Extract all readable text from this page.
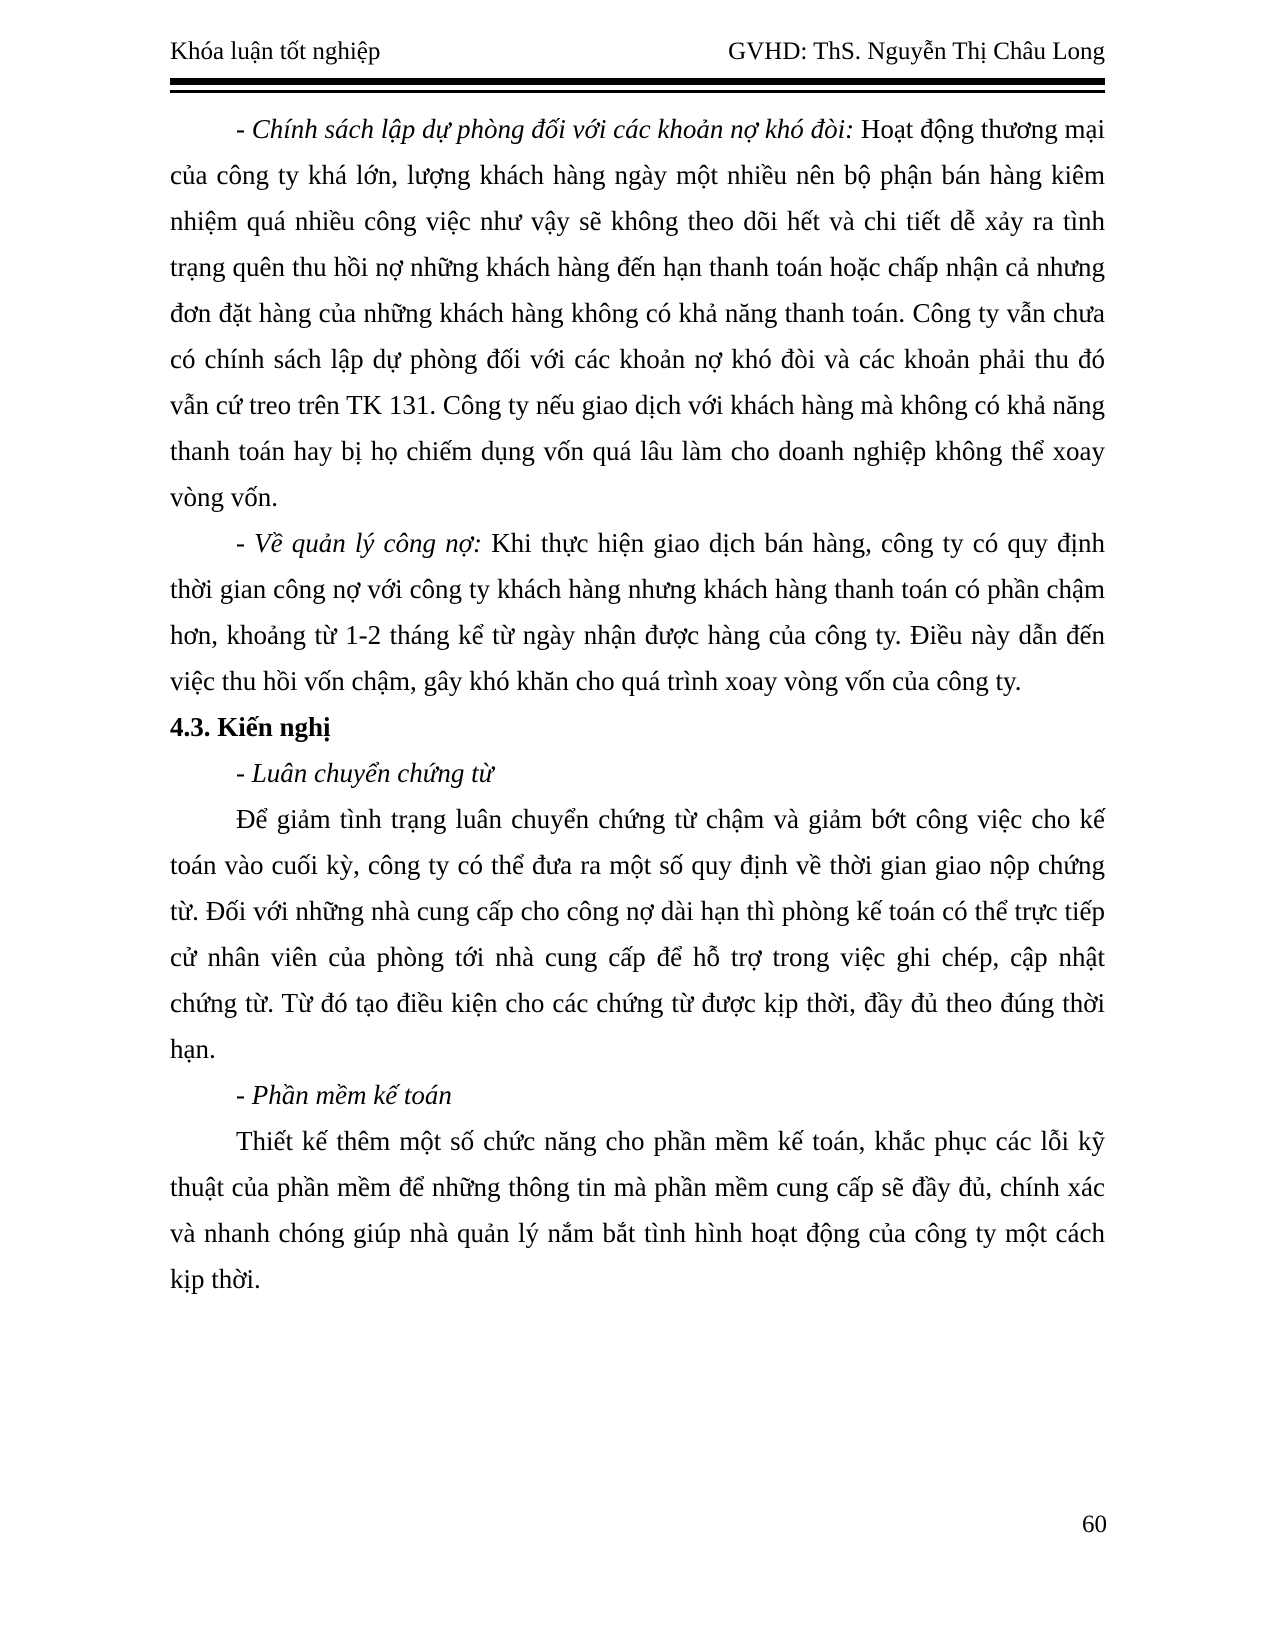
Khóa luận tốt nghiệp	GVHD: ThS. Nguyễn Thị Châu Long

- Chính sách lập dự phòng đối với các khoản nợ khó đòi: Hoạt động thương mại của công ty khá lớn, lượng khách hàng ngày một nhiều nên bộ phận bán hàng kiêm nhiệm quá nhiều công việc như vậy sẽ không theo dõi hết và chi tiết dễ xảy ra tình trạng quên thu hồi nợ những khách hàng đến hạn thanh toán hoặc chấp nhận cả nhưng đơn đặt hàng của những khách hàng không có khả năng thanh toán. Công ty vẫn chưa có chính sách lập dự phòng đối với các khoản nợ khó đòi và các khoản phải thu đó vẫn cứ treo trên TK 131. Công ty nếu giao dịch với khách hàng mà không có khả năng thanh toán hay bị họ chiếm dụng vốn quá lâu làm cho doanh nghiệp không thể xoay vòng vốn.

- Về quản lý công nợ: Khi thực hiện giao dịch bán hàng, công ty có quy định thời gian công nợ với công ty khách hàng nhưng khách hàng thanh toán có phần chậm hơn, khoảng từ 1-2 tháng kể từ ngày nhận được hàng của công ty. Điều này dẫn đến việc thu hồi vốn chậm, gây khó khăn cho quá trình xoay vòng vốn của công ty.

4.3. Kiến nghị

- Luân chuyển chứng từ

Để giảm tình trạng luân chuyển chứng từ chậm và giảm bớt công việc cho kế toán vào cuối kỳ, công ty có thể đưa ra một số quy định về thời gian giao nộp chứng từ. Đối với những nhà cung cấp cho công nợ dài hạn thì phòng kế toán có thể trực tiếp cử nhân viên của phòng tới nhà cung cấp để hỗ trợ trong việc ghi chép, cập nhật chứng từ. Từ đó tạo điều kiện cho các chứng từ được kịp thời, đầy đủ theo đúng thời hạn.

- Phần mềm kế toán

Thiết kế thêm một số chức năng cho phần mềm kế toán, khắc phục các lỗi kỹ thuật của phần mềm để những thông tin mà phần mềm cung cấp sẽ đầy đủ, chính xác và nhanh chóng giúp nhà quản lý nắm bắt tình hình hoạt động của công ty một cách kịp thời.

60
